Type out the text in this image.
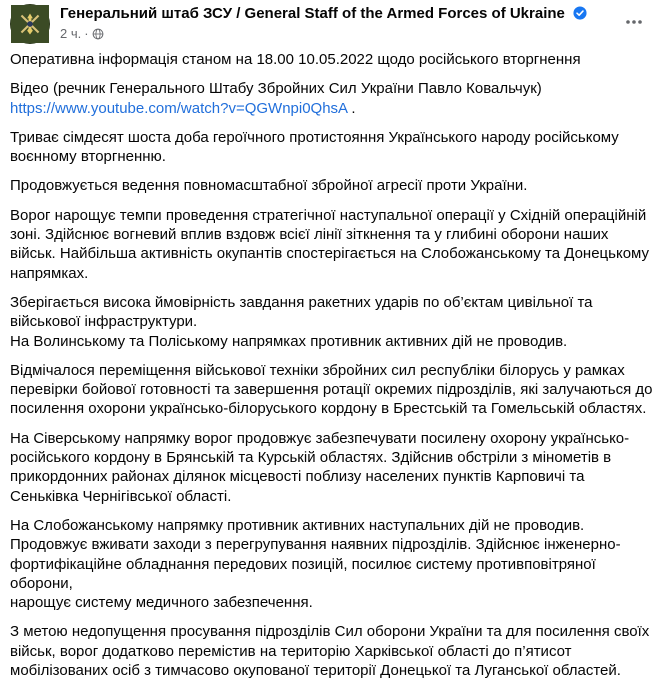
Генеральний штаб ЗСУ / General Staff of the Armed Forces of Ukraine
2 ч. ·

Оперативна інформація станом на 18.00 10.05.2022 щодо російського вторгнення

Відео (речник Генерального Штабу Збройних Сил України Павло Ковальчук)
https://www.youtube.com/watch?v=QGWnpi0QhsA .

Триває сімдесят шоста доба героїчного протистояння Українського народу російському
воєнному вторгненню.

Продовжується ведення повномасштабної збройної агресії проти України.

Ворог нарощує темпи проведення стратегічної наступальної операції у Східній операційній
зоні. Здійснює вогневий вплив вздовж всієї лінії зіткнення та у глибині оборони наших
військ. Найбільша активність окупантів спостерігається на Слобожанському та Донецькому
напрямках.

Зберігається висока ймовірність завдання ракетних ударів по об’єктам цивільної та
військової інфраструктури.
На Волинському та Поліському напрямках противник активних дій не проводив.

Відмічалося переміщення військової техніки збройних сил республіки білорусь у рамках
перевірки бойової готовності та завершення ротації окремих підрозділів, які залучаються до
посилення охорони українсько-білоруського кордону в Брестській та Гомельській областях.

На Сіверському напрямку ворог продовжує забезпечувати посилену охорону українсько-
російського кордону в Брянській та Курській областях. Здійснив обстріли з мінометів в
прикордонних районах ділянок місцевості поблизу населених пунктів Карповичі та
Сеньківка Чернігівської області.

На Слобожанському напрямку противник активних наступальних дій не проводив.
Продовжує вживати заходи з перегрупування наявних підрозділів. Здійснює інженерно-
фортифікаційне обладнання передових позицій, посилює систему противповітряної оборони,
нарощує систему медичного забезпечення.

З метою недопущення просування підрозділів Сил оборони України та для посилення своїх
військ, ворог додатково перемістив на територію Харківської області до п’ятисот
мобілізованих осіб з тимчасово окупованої території Донецької та Луганської областей.
